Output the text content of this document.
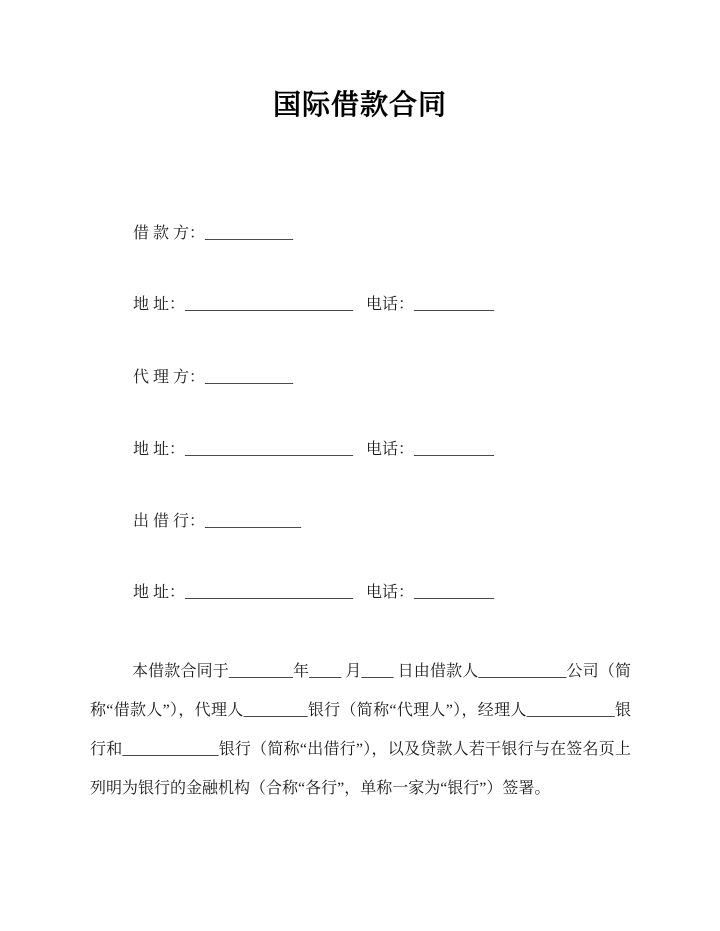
国际借款合同
借 款 方：___________
地 址：_____________________ 电话：__________
代 理 方：___________
地 址：_____________________ 电话：__________
出 借 行：____________
地 址：_____________________ 电话：__________
本借款合同于________年____ 月____ 日由借款人___________公司（简称“借款人”），代理人________银行（简称“代理人”），经理人___________银行和____________银行（简称“出借行”），以及贷款人若干银行与在签名页上列明为银行的金融机构（合称“各行”，单称一家为“银行”）签署。
